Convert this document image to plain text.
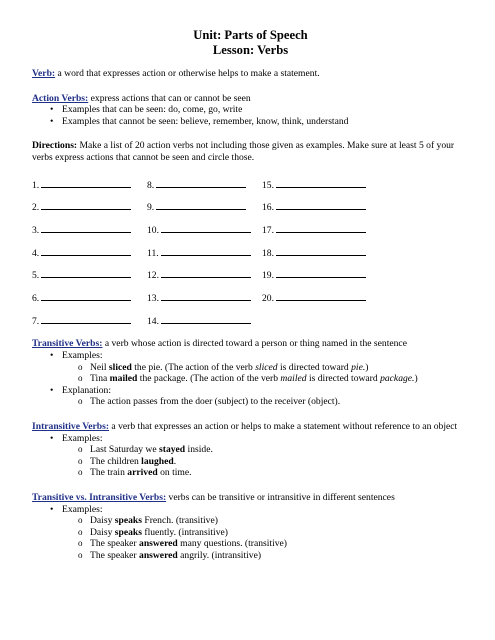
Unit: Parts of Speech
Lesson: Verbs
Verb: a word that expresses action or otherwise helps to make a statement.
Action Verbs: express actions that can or cannot be seen
• Examples that can be seen: do, come, go, write
• Examples that cannot be seen: believe, remember, know, think, understand
Directions: Make a list of 20 action verbs not including those given as examples. Make sure at least 5 of your verbs express actions that cannot be seen and circle those.
1.	8.	15.
2.	9.	16.
3.	10.	17.
4.	11.	18.
5.	12.	19.
6.	13.	20.
7.	14.
Transitive Verbs: a verb whose action is directed toward a person or thing named in the sentence
• Examples:
o Neil sliced the pie. (The action of the verb sliced is directed toward pie.)
o Tina mailed the package. (The action of the verb mailed is directed toward package.)
• Explanation:
o The action passes from the doer (subject) to the receiver (object).
Intransitive Verbs: a verb that expresses an action or helps to make a statement without reference to an object
• Examples:
o Last Saturday we stayed inside.
o The children laughed.
o The train arrived on time.
Transitive vs. Intransitive Verbs: verbs can be transitive or intransitive in different sentences
• Examples:
o Daisy speaks French. (transitive)
o Daisy speaks fluently. (intransitive)
o The speaker answered many questions. (transitive)
o The speaker answered angrily. (intransitive)
